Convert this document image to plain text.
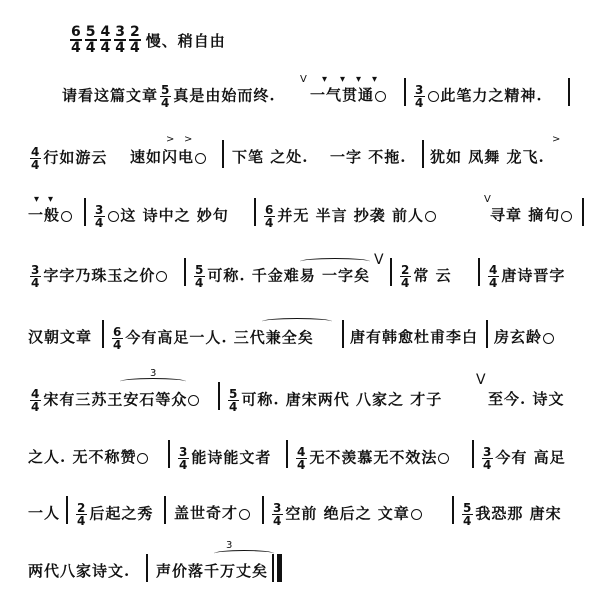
$\frac{6}{4} \frac{5}{4} \frac{4}{4} \frac{3}{4} \frac{2}{4}$ 慢、稍自由
请看这篇文章 $\frac{5}{4}$ 真是由始而终.
V ▾ ▾ ▾ ▾
一气贯通	$\frac{3}{4}$ 此笔力之精神.
$\frac{4}{4}$ 行如游云
> >
速如闪电	下笔 之处. 一字 不拖.
>
犹如 凤舞 龙飞.
▾ ▾
一般	$\frac{3}{4}$ 这 诗中之 妙句	$\frac{6}{4}$ 并无 半言 抄袭 前人
V
寻章 摘句
$\frac{3}{4}$ 字字乃珠玉之价	$\frac{5}{4}$ 可称. 千金难易 一字矣
V
$\frac{2}{4}$ 常 云	$\frac{4}{4}$ 唐诗晋字
汉朝文章 $\frac{6}{4}$ 今有高足一人. 三代兼全矣 唐有韩愈杜甫李白 房玄龄
3
$\frac{4}{4}$ 宋有三苏王安石等众	$\frac{5}{4}$ 可称. 唐宋两代 八家之 才子
V
至今. 诗文
之人. 无不称赞	$\frac{3}{4}$ 能诗能文者 $\frac{4}{4}$ 无不羡慕无不效法	$\frac{3}{4}$ 今有 高足
一人 $\frac{2}{4}$ 后起之秀 盖世奇才	$\frac{3}{4}$ 空前 绝后之 文章	$\frac{5}{4}$ 我恐那 唐宋
两代八家诗文.
3
声价落千万丈矣
